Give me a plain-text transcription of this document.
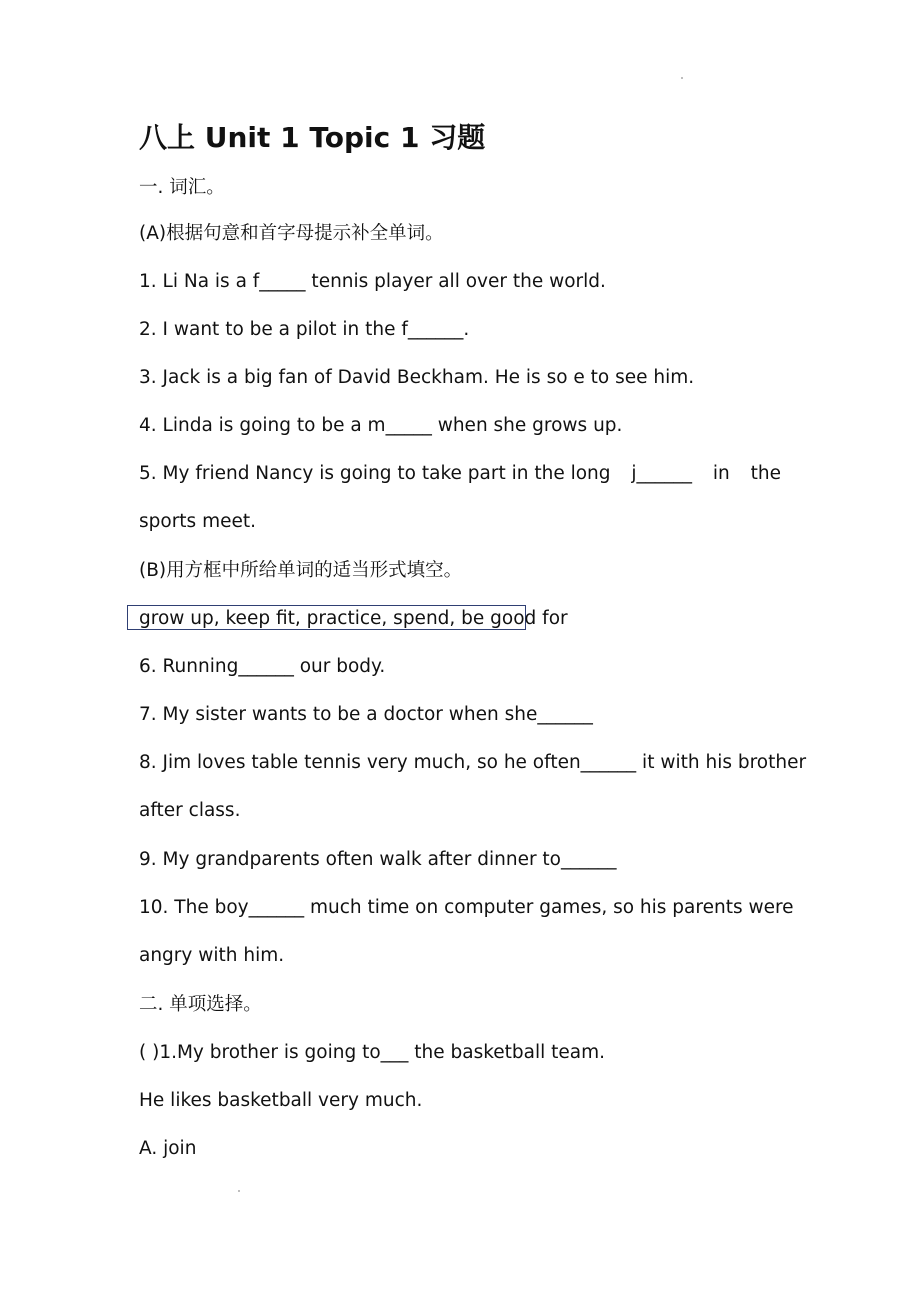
八上 Unit 1 Topic 1 习题
一. 词汇。
(A)根据句意和首字母提示补全单词。
1. Li Na is a f_____ tennis player all over the world.
2. I want to be a pilot in the f______.
3. Jack is a big fan of David Beckham. He is so e to see him.
4. Linda is going to be a m_____ when she grows up.
5. My friend Nancy is going to take part in the long j______ in the
sports meet.
(B)用方框中所给单词的适当形式填空。
grow up, keep fit, practice, spend, be good for
6. Running______ our body.
7. My sister wants to be a doctor when she______
8. Jim loves table tennis very much, so he often______ it with his brother
after class.
9. My grandparents often walk after dinner to______
10. The boy______ much time on computer games, so his parents were
angry with him.
二. 单项选择。
( )1.My brother is going to___ the basketball team.
He likes basketball very much.
A. join
